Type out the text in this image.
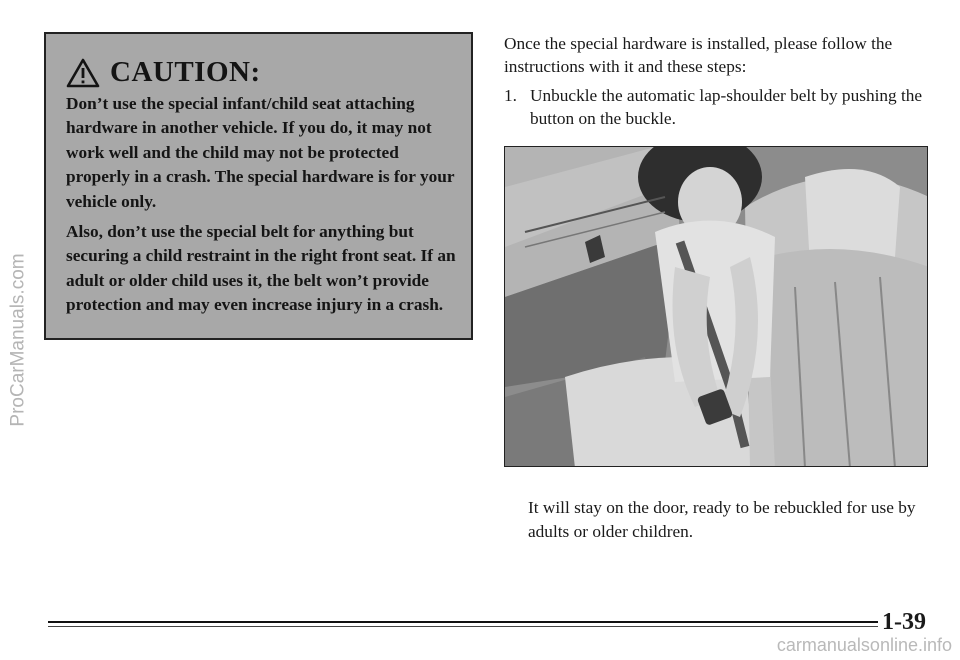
ProCarManuals.com
CAUTION:

Don’t use the special infant/child seat attaching hardware in another vehicle. If you do, it may not work well and the child may not be protected properly in a crash. The special hardware is for your vehicle only.

Also, don’t use the special belt for anything but securing a child restraint in the right front seat. If an adult or older child uses it, the belt won’t provide protection and may even increase injury in a crash.

Once the special hardware is installed, please follow the instructions with it and these steps:

1. Unbuckle the automatic lap-shoulder belt by pushing the button on the buckle.

It will stay on the door, ready to be rebuckled for use by adults or older children.

1-39
carmanualsonline.info
